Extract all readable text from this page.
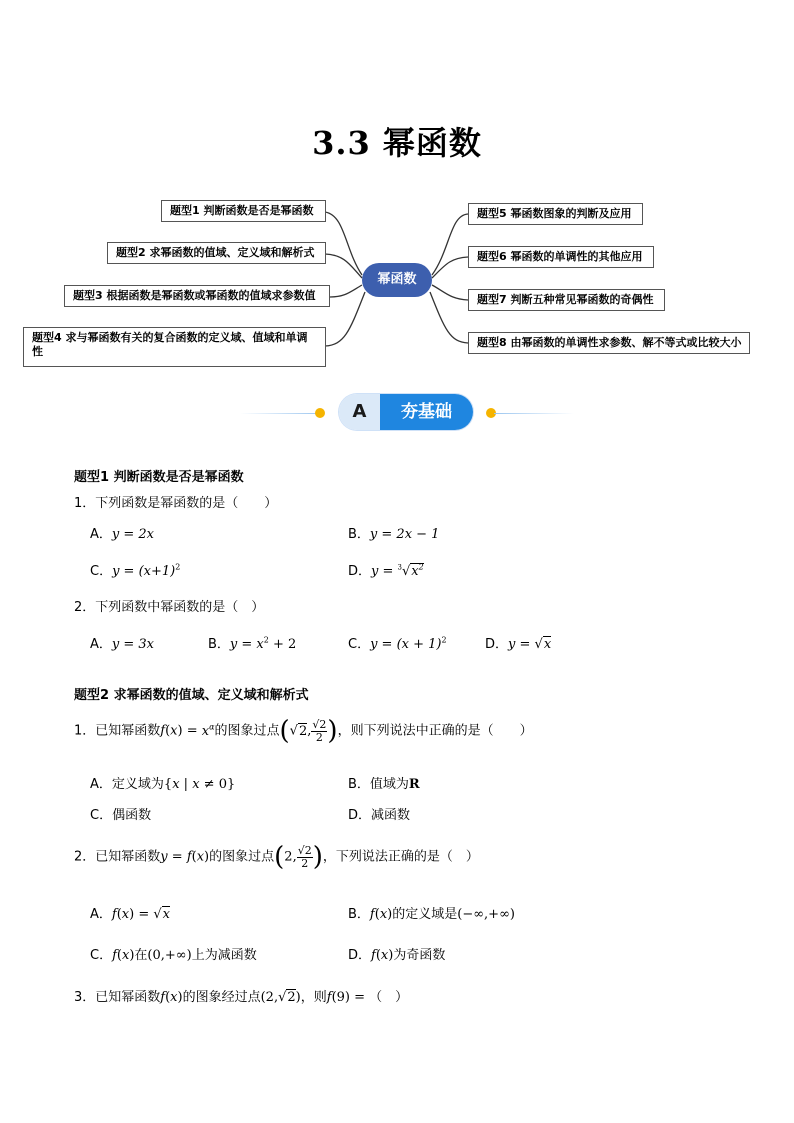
3.3 幂函数
题型1 判断函数是否是幂函数
题型2 求幂函数的值域、定义域和解析式
题型3 根据函数是幂函数或幂函数的值域求参数值
题型4 求与幂函数有关的复合函数的定义域、值域和单调性
幂函数
题型5 幂函数图象的判断及应用
题型6 幂函数的单调性的其他应用
题型7 判断五种常见幂函数的奇偶性
题型8 由幂函数的单调性求参数、解不等式或比较大小
A	夯基础
题型1 判断函数是否是幂函数
1．下列函数是幂函数的是（　　）
A．y = 2x	B．y = 2x − 1
C．$y = (x+1)^2$	D．$y = ^3√x^2$
2．下列函数中幂函数的是（　）
A．y = 3x	B．$y = x^2 + 2$	C．$y = (x + 1)^2$	D．y = √x
题型2 求幂函数的值域、定义域和解析式
1．已知幂函数$f(x) = x^\alpha$的图象过点(√2, $\frac{√2}{2}$ )，则下列说法中正确的是（　　）
A．定义域为{x | x ≠ 0}	B．值域为R
C．偶函数	D．减函数
2．已知幂函数y = f(x)的图象过点(2, $\frac{√2}{2}$ )，下列说法正确的是（　）
A．f(x) = √x	B．f(x)的定义域是(−∞,+∞)
C．f(x)在(0,+∞)上为减函数	D．f(x)为奇函数
3．已知幂函数f(x)的图象经过点(2,√2)，则f(9) = （　）
